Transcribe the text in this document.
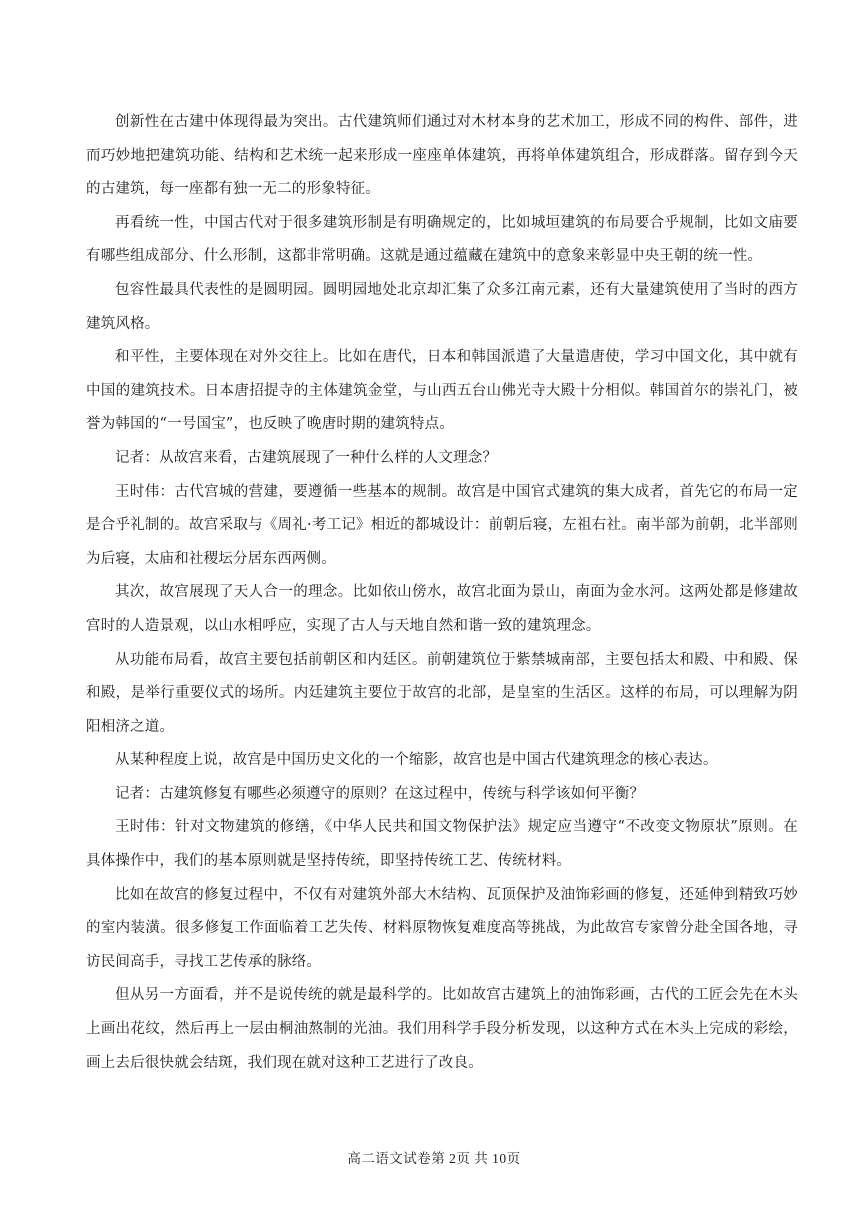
创新性在古建中体现得最为突出。古代建筑师们通过对木材本身的艺术加工，形成不同的构件、部件，进而巧妙地把建筑功能、结构和艺术统一起来形成一座座单体建筑，再将单体建筑组合，形成群落。留存到今天的古建筑，每一座都有独一无二的形象特征。

再看统一性，中国古代对于很多建筑形制是有明确规定的，比如城垣建筑的布局要合乎规制，比如文庙要有哪些组成部分、什么形制，这都非常明确。这就是通过蕴藏在建筑中的意象来彰显中央王朝的统一性。

包容性最具代表性的是圆明园。圆明园地处北京却汇集了众多江南元素，还有大量建筑使用了当时的西方建筑风格。

和平性，主要体现在对外交往上。比如在唐代，日本和韩国派遣了大量遣唐使，学习中国文化，其中就有中国的建筑技术。日本唐招提寺的主体建筑金堂，与山西五台山佛光寺大殿十分相似。韩国首尔的崇礼门，被誉为韩国的“一号国宝”，也反映了晚唐时期的建筑特点。

记者：从故宫来看，古建筑展现了一种什么样的人文理念？

王时伟：古代宫城的营建，要遵循一些基本的规制。故宫是中国官式建筑的集大成者，首先它的布局一定是合乎礼制的。故宫采取与《周礼·考工记》相近的都城设计：前朝后寝，左祖右社。南半部为前朝，北半部则为后寝，太庙和社稷坛分居东西两侧。

其次，故宫展现了天人合一的理念。比如依山傍水，故宫北面为景山，南面为金水河。这两处都是修建故宫时的人造景观，以山水相呼应，实现了古人与天地自然和谐一致的建筑理念。

从功能布局看，故宫主要包括前朝区和内廷区。前朝建筑位于紫禁城南部，主要包括太和殿、中和殿、保和殿，是举行重要仪式的场所。内廷建筑主要位于故宫的北部，是皇室的生活区。这样的布局，可以理解为阴阳相济之道。

从某种程度上说，故宫是中国历史文化的一个缩影，故宫也是中国古代建筑理念的核心表达。

记者：古建筑修复有哪些必须遵守的原则？在这过程中，传统与科学该如何平衡？

王时伟：针对文物建筑的修缮，《中华人民共和国文物保护法》规定应当遵守“不改变文物原状”原则。在具体操作中，我们的基本原则就是坚持传统，即坚持传统工艺、传统材料。

比如在故宫的修复过程中，不仅有对建筑外部大木结构、瓦顶保护及油饰彩画的修复，还延伸到精致巧妙的室内装潢。很多修复工作面临着工艺失传、材料原物恢复难度高等挑战，为此故宫专家曾分赴全国各地，寻访民间高手，寻找工艺传承的脉络。

但从另一方面看，并不是说传统的就是最科学的。比如故宫古建筑上的油饰彩画，古代的工匠会先在木头上画出花纹，然后再上一层由桐油熬制的光油。我们用科学手段分析发现，以这种方式在木头上完成的彩绘，画上去后很快就会结斑，我们现在就对这种工艺进行了改良。

高二语文试卷第 2页 共 10页
